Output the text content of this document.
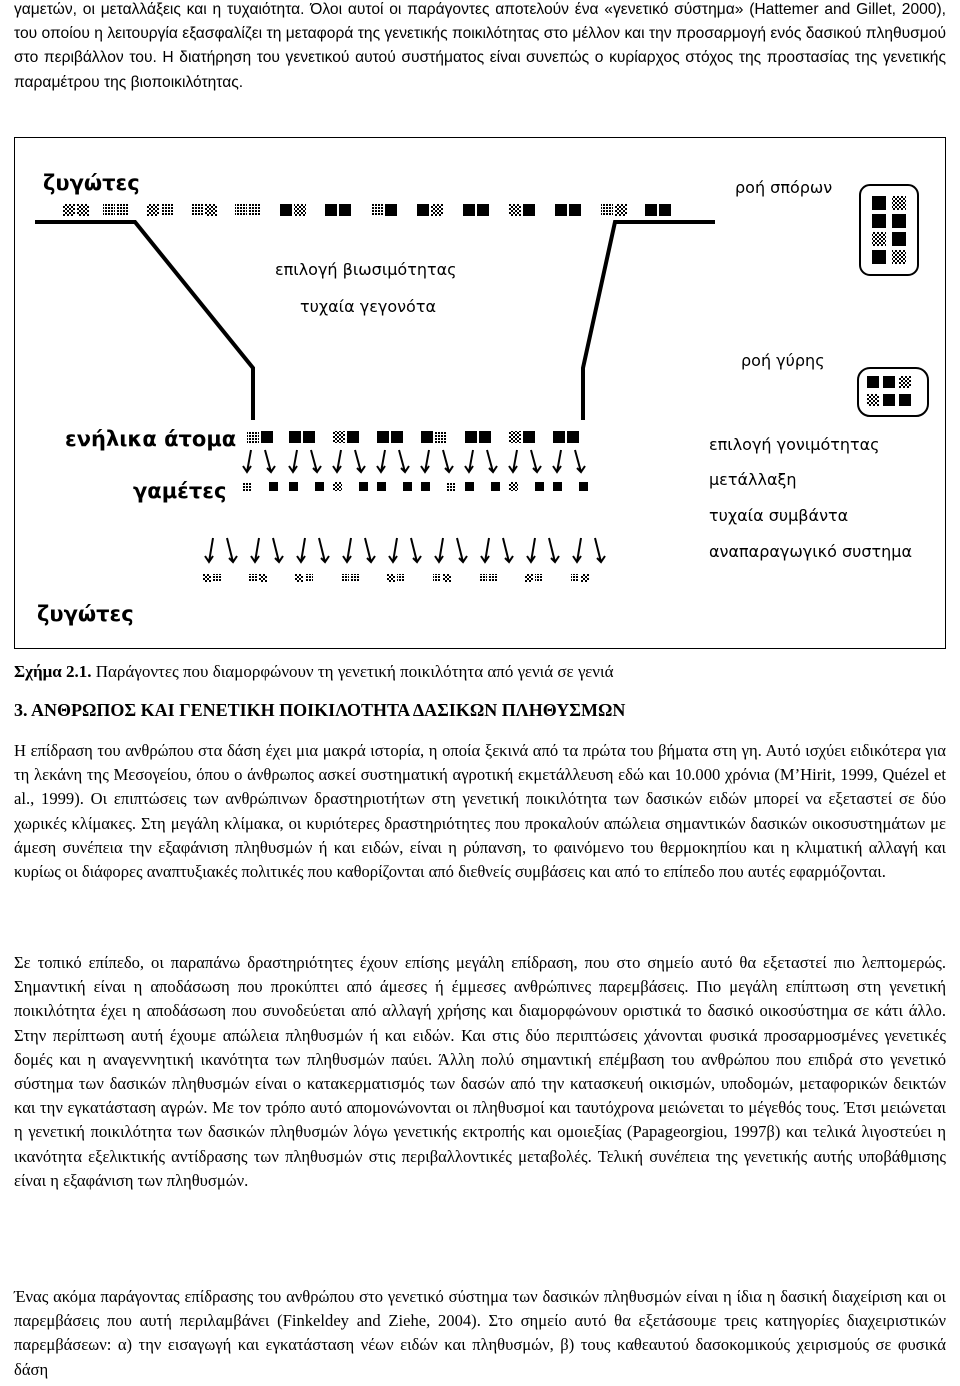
γαμετών, οι μεταλλάξεις και η τυχαιότητα. Όλοι αυτοί οι παράγοντες αποτελούν ένα «γενετικό σύστημα» (Hattemer and Gillet, 2000), του οποίου η λειτουργία εξασφαλίζει τη μεταφορά της γενετικής ποικιλότητας στο μέλλον και την προσαρμογή ενός δασικού πληθυσμού στο περιβάλλον του. Η διατήρηση του γενετικού αυτού συστήματος είναι συνεπώς ο κυρίαρχος στόχος της προστασίας της γενετικής παραμέτρου της βιοποικιλότητας.

ζυγώτες	ροή σπόρων
επιλογή βιωσιμότητας
τυχαία γεγονότα
ροή γύρης
ενήλικα άτομα
γαμέτες
ζυγώτες
επιλογή γονιμότητας
μετάλλαξη
τυχαία συμβάντα
αναπαραγωγικό συστημα
Σχήμα 2.1. Παράγοντες που διαμορφώνουν τη γενετική ποικιλότητα από γενιά σε γενιά
3. ΑΝΘΡΩΠΟΣ ΚΑΙ ΓΕΝΕΤΙΚΗ ΠΟΙΚΙΛΟΤΗΤΑ ΔΑΣΙΚΩΝ ΠΛΗΘΥΣΜΩΝ

Η επίδραση του ανθρώπου στα δάση έχει μια μακρά ιστορία, η οποία ξεκινά από τα πρώτα του βήματα στη γη. Αυτό ισχύει ειδικότερα για τη λεκάνη της Μεσογείου, όπου ο άνθρωπος ασκεί συστηματική αγροτική εκμετάλλευση εδώ και 10.000 χρόνια (M’Hirit, 1999, Quézel et al., 1999). Οι επιπτώσεις των ανθρώπινων δραστηριοτήτων στη γενετική ποικιλότητα των δασικών ειδών μπορεί να εξεταστεί σε δύο χωρικές κλίμακες. Στη μεγάλη κλίμακα, οι κυριότερες δραστηριότητες που προκαλούν απώλεια σημαντικών δασικών οικοσυστημάτων με άμεση συνέπεια την εξαφάνιση πληθυσμών ή και ειδών, είναι η ρύπανση, το φαινόμενο του θερμοκηπίου και η κλιματική αλλαγή και κυρίως οι διάφορες αναπτυξιακές πολιτικές που καθορίζονται από διεθνείς συμβάσεις και από το επίπεδο που αυτές εφαρμόζονται.

Σε τοπικό επίπεδο, οι παραπάνω δραστηριότητες έχουν επίσης μεγάλη επίδραση, που στο σημείο αυτό θα εξεταστεί πιο λεπτομερώς. Σημαντική είναι η αποδάσωση που προκύπτει από άμεσες ή έμμεσες ανθρώπινες παρεμβάσεις. Πιο μεγάλη επίπτωση στη γενετική ποικιλότητα έχει η αποδάσωση που συνοδεύεται από αλλαγή χρήσης και διαμορφώνουν οριστικά το δασικό οικοσύστημα σε κάτι άλλο. Στην περίπτωση αυτή έχουμε απώλεια πληθυσμών ή και ειδών. Και στις δύο περιπτώσεις χάνονται φυσικά προσαρμοσμένες γενετικές δομές και η αναγεννητική ικανότητα των πληθυσμών παύει. Άλλη πολύ σημαντική επέμβαση του ανθρώπου που επιδρά στο γενετικό σύστημα των δασικών πληθυσμών είναι ο κατακερματισμός των δασών από την κατασκευή οικισμών, υποδομών, μεταφορικών δεικτών και την εγκατάσταση αγρών. Με τον τρόπο αυτό απομονώνονται οι πληθυσμοί και ταυτόχρονα μειώνεται το μέγεθός τους. Έτσι μειώνεται η γενετική ποικιλότητα των δασικών πληθυσμών λόγω γενετικής εκτροπής και ομοιεξίας (Papageorgiou, 1997β) και τελικά λιγοστεύει η ικανότητα εξελικτικής αντίδρασης των πληθυσμών στις περιβαλλοντικές μεταβολές. Τελική συνέπεια της γενετικής αυτής υποβάθμισης είναι η εξαφάνιση των πληθυσμών.

Ένας ακόμα παράγοντας επίδρασης του ανθρώπου στο γενετικό σύστημα των δασικών πληθυσμών είναι η ίδια η δασική διαχείριση και οι παρεμβάσεις που αυτή περιλαμβάνει (Finkeldey and Ziehe, 2004). Στο σημείο αυτό θα εξετάσουμε τρεις κατηγορίες διαχειριστικών παρεμβάσεων: α) την εισαγωγή και εγκατάσταση νέων ειδών και πληθυσμών, β) τους καθεαυτού δασοκομικούς χειρισμούς σε φυσικά δάση
